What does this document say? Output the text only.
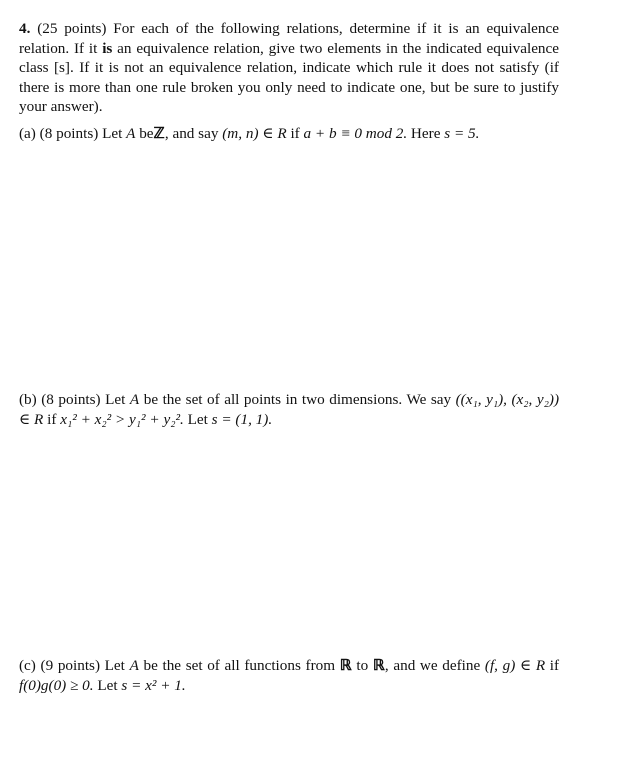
4. (25 points) For each of the following relations, determine if it is an equivalence relation. If it is an equivalence relation, give two elements in the indicated equivalence class [s]. If it is not an equivalence relation, indicate which rule it does not satisfy (if there is more than one rule broken you only need to indicate one, but be sure to justify your answer).
(a) (8 points) Let A beℤ, and say (m, n) ∈ R if a + b ≡ 0 mod 2. Here s = 5.
(b) (8 points) Let A be the set of all points in two dimensions. We say ((x₁, y₁), (x₂, y₂)) ∈ R if x₁² + x₂² > y₁² + y₂². Let s = (1, 1).
(c) (9 points) Let A be the set of all functions from ℝ to ℝ, and we define (f, g) ∈ R if f(0)g(0) ≥ 0. Let s = x² + 1.
